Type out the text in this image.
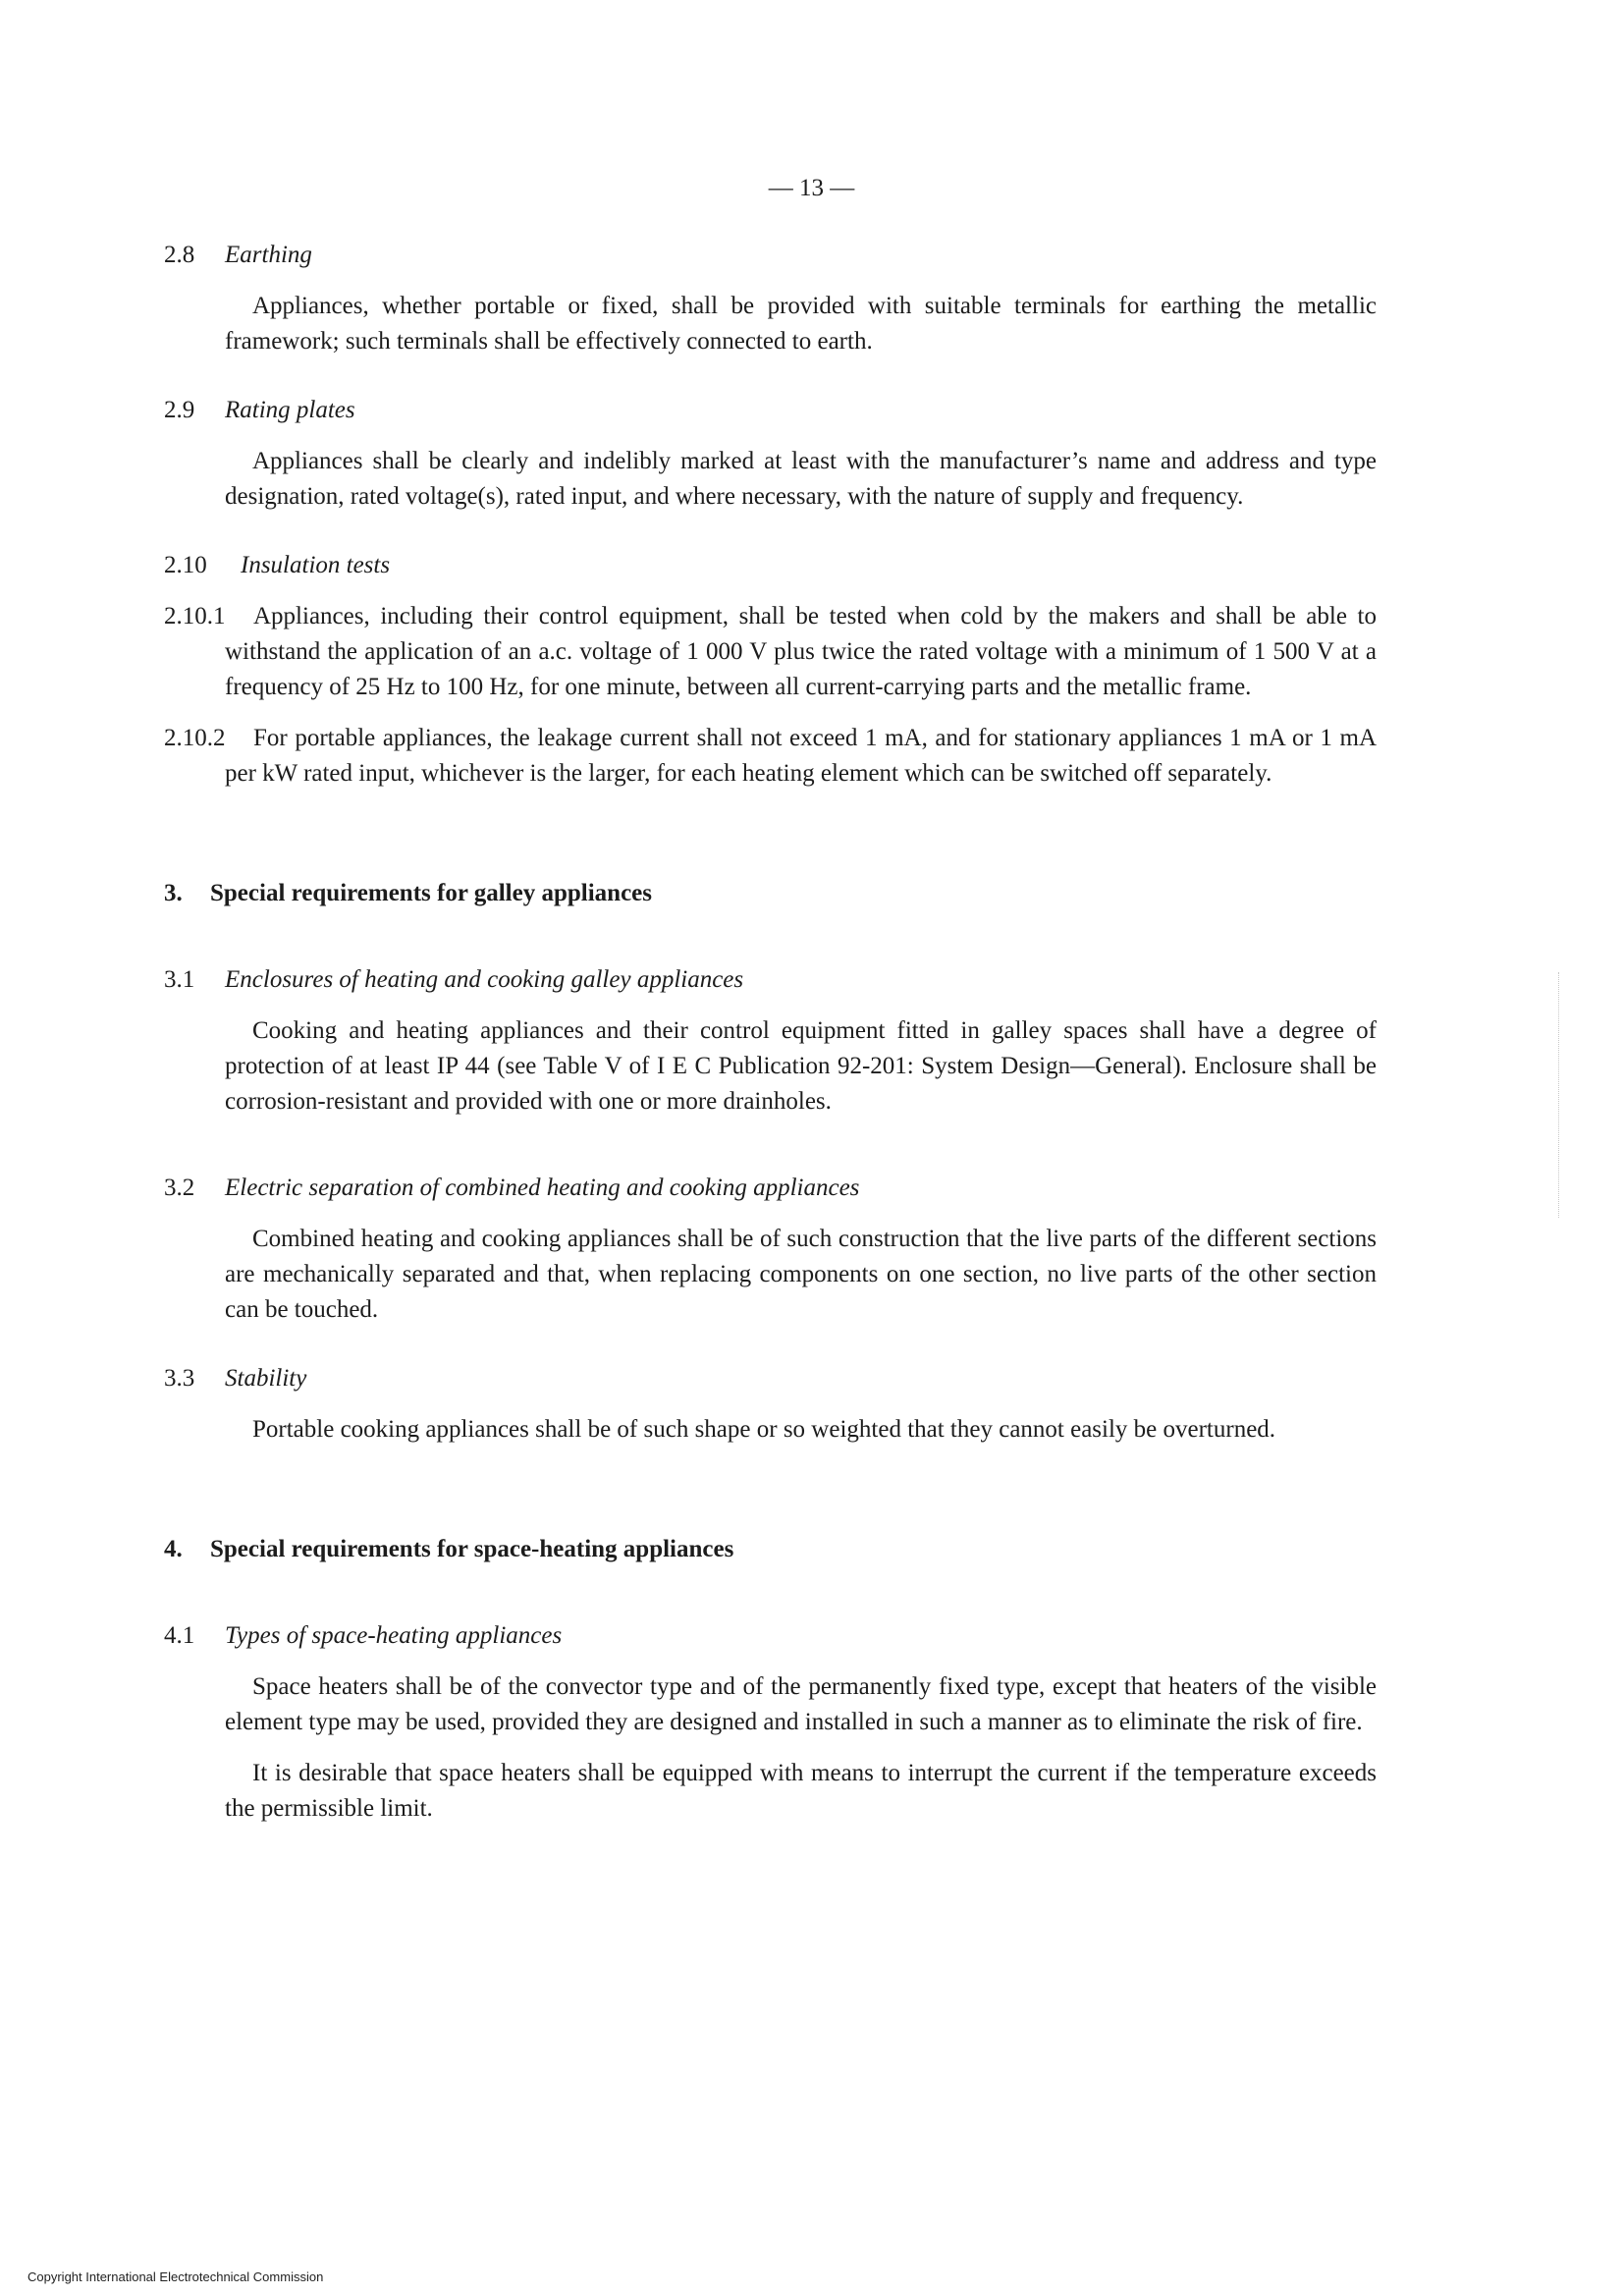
— 13 —
2.8 Earthing
Appliances, whether portable or fixed, shall be provided with suitable terminals for earthing the metallic framework; such terminals shall be effectively connected to earth.
2.9 Rating plates
Appliances shall be clearly and indelibly marked at least with the manufacturer’s name and address and type designation, rated voltage(s), rated input, and where necessary, with the nature of supply and frequency.
2.10 Insulation tests
2.10.1	Appliances, including their control equipment, shall be tested when cold by the makers and shall be able to withstand the application of an a.c. voltage of 1 000 V plus twice the rated voltage with a minimum of 1 500 V at a frequency of 25 Hz to 100 Hz, for one minute, between all current-carrying parts and the metallic frame.
2.10.2	For portable appliances, the leakage current shall not exceed 1 mA, and for stationary appliances 1 mA or 1 mA per kW rated input, whichever is the larger, for each heating element which can be switched off separately.
3. Special requirements for galley appliances
3.1 Enclosures of heating and cooking galley appliances
Cooking and heating appliances and their control equipment fitted in galley spaces shall have a degree of protection of at least IP 44 (see Table V of I E C Publication 92-201: System Design—General). Enclosure shall be corrosion-resistant and provided with one or more drainholes.
3.2 Electric separation of combined heating and cooking appliances
Combined heating and cooking appliances shall be of such construction that the live parts of the different sections are mechanically separated and that, when replacing components on one section, no live parts of the other section can be touched.
3.3 Stability
Portable cooking appliances shall be of such shape or so weighted that they cannot easily be overturned.
4. Special requirements for space-heating appliances
4.1 Types of space-heating appliances
Space heaters shall be of the convector type and of the permanently fixed type, except that heaters of the visible element type may be used, provided they are designed and installed in such a manner as to eliminate the risk of fire.
It is desirable that space heaters shall be equipped with means to interrupt the current if the temperature exceeds the permissible limit.
Copyright International Electrotechnical Commission
